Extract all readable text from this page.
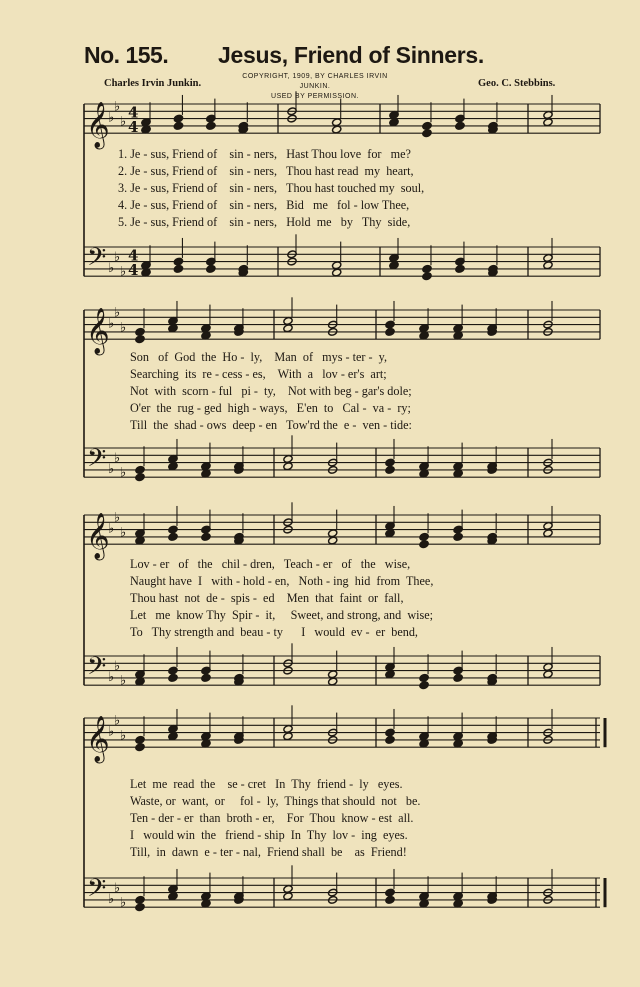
No. 155. Jesus, Friend of Sinners.
Charles Irvin Junkin.
COPYRIGHT, 1909, BY CHARLES IRVIN JUNKIN.
USED BY PERMISSION.
Geo. C. Stebbins.
𝄞
𝄢
♭
♭
♭
♭
♭
♭
4
4
4
4
𝄞
𝄢
♭
♭
♭
♭
♭
♭
𝄞
𝄢
♭
♭
♭
♭
♭
♭
𝄞
𝄢
♭
♭
♭
♭
♭
♭
1. Je - sus, Friend of    sin - ners,   Hast Thou love  for   me?
2. Je - sus, Friend of    sin - ners,   Thou hast read  my  heart,
3. Je - sus, Friend of    sin - ners,   Thou hast touched my  soul,
4. Je - sus, Friend of    sin - ners,   Bid   me   fol - low Thee,
5. Je - sus, Friend of    sin - ners,   Hold  me   by   Thy  side,
Son   of  God  the  Ho -  ly,    Man  of   mys - ter -  y,
Searching  its  re - cess - es,    With  a   lov - er's  art;
Not  with  scorn - ful   pi -  ty,    Not with beg - gar's dole;
O'er  the  rug - ged  high - ways,   E'en  to   Cal -  va -  ry;
Till  the  shad - ows  deep - en   Tow'rd the  e -  ven - tide:
Lov - er   of   the   chil - dren,   Teach - er   of   the   wise,
Naught have  I   with - hold - en,   Noth - ing  hid  from  Thee,
Thou hast  not  de -  spis -  ed    Men  that  faint  or  fall,
Let   me  know Thy  Spir -  it,     Sweet, and strong, and  wise;
To   Thy strength and  beau - ty      I   would  ev -  er  bend,
Let  me  read  the    se - cret   In  Thy  friend -  ly   eyes.
Waste, or  want,  or     fol -  ly,  Things that should  not   be.
Ten - der - er  than  broth - er,    For  Thou  know - est  all.
I   would win  the   friend - ship  In  Thy  lov -  ing  eyes.
Till,  in  dawn  e - ter - nal,  Friend shall  be    as  Friend!
